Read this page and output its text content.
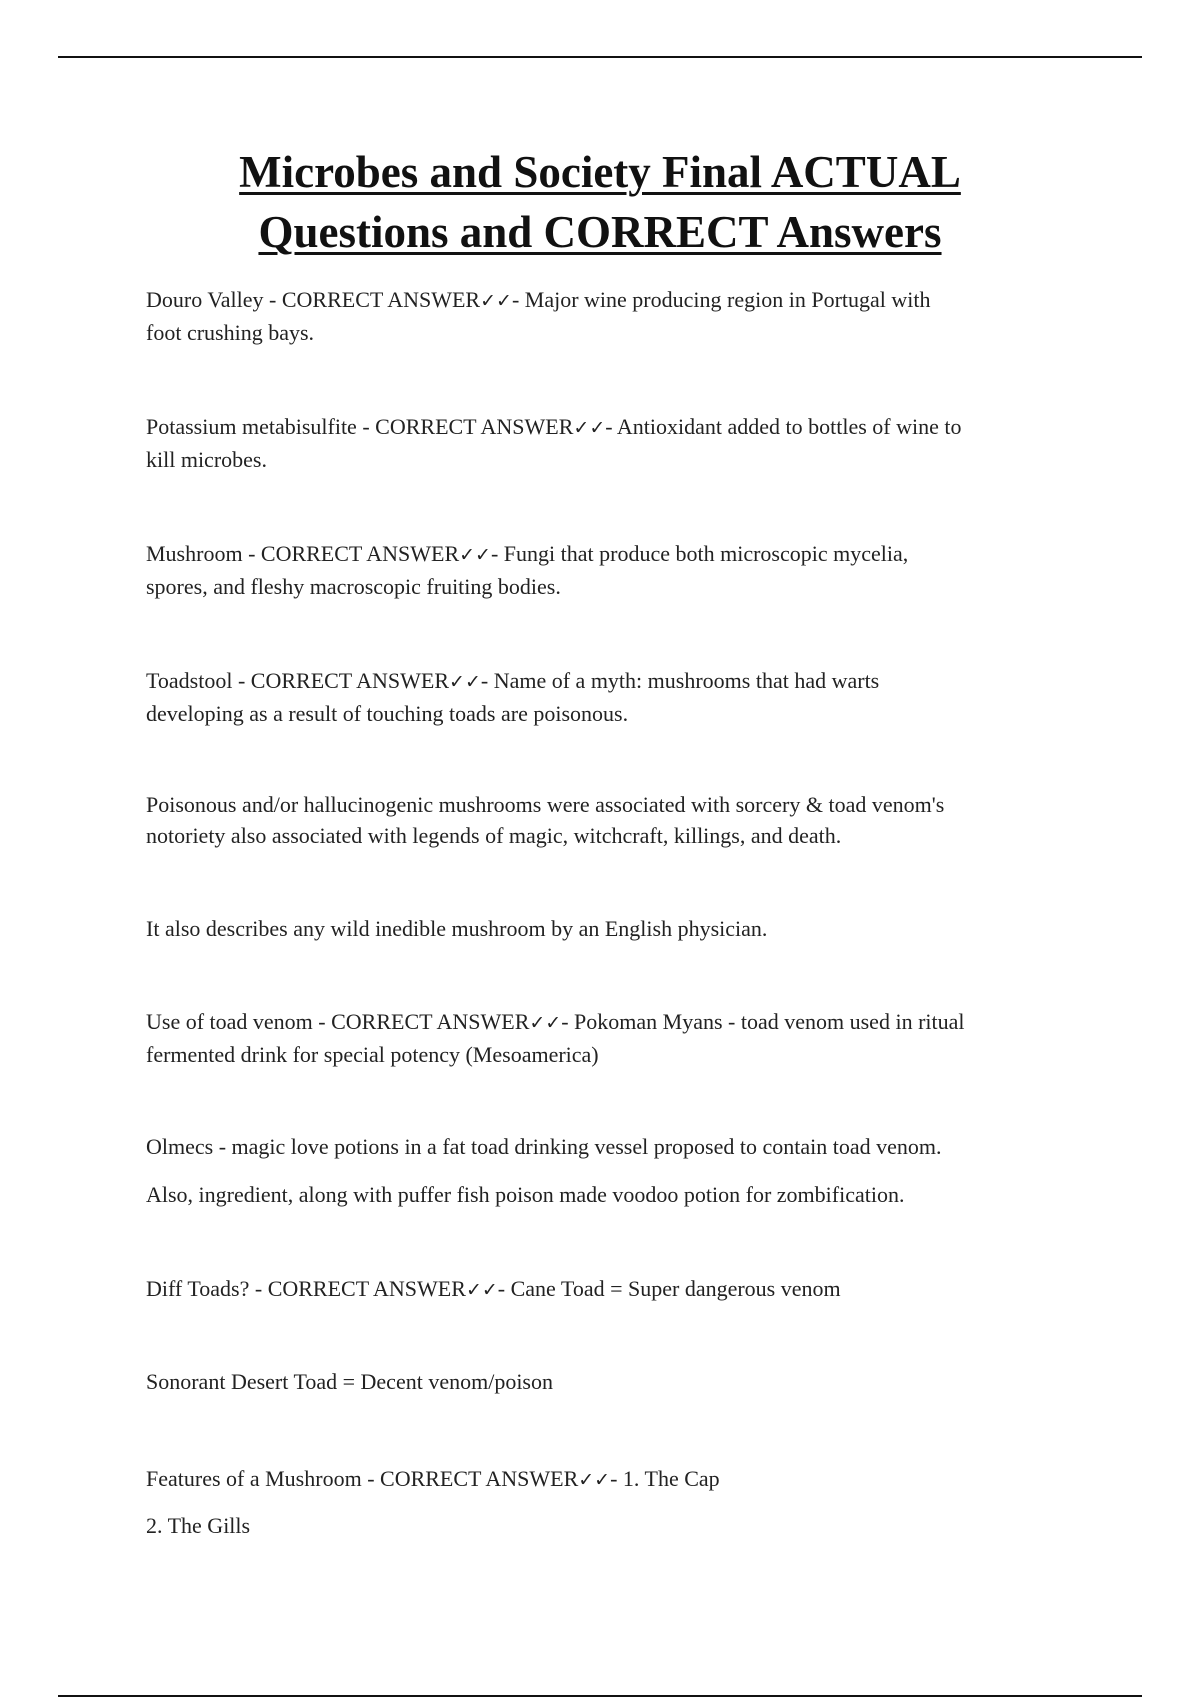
Microbes and Society Final ACTUAL
Questions and CORRECT Answers

Douro Valley - CORRECT ANSWER✓✓- Major wine producing region in Portugal with
foot crushing bays.

Potassium metabisulfite - CORRECT ANSWER✓✓- Antioxidant added to bottles of wine to
kill microbes.

Mushroom - CORRECT ANSWER✓✓- Fungi that produce both microscopic mycelia,
spores, and fleshy macroscopic fruiting bodies.

Toadstool - CORRECT ANSWER✓✓- Name of a myth: mushrooms that had warts
developing as a result of touching toads are poisonous.

Poisonous and/or hallucinogenic mushrooms were associated with sorcery & toad venom's
notoriety also associated with legends of magic, witchcraft, killings, and death.

It also describes any wild inedible mushroom by an English physician.

Use of toad venom - CORRECT ANSWER✓✓- Pokoman Myans - toad venom used in ritual
fermented drink for special potency (Mesoamerica)

Olmecs - magic love potions in a fat toad drinking vessel proposed to contain toad venom.

Also, ingredient, along with puffer fish poison made voodoo potion for zombification.

Diff Toads? - CORRECT ANSWER✓✓- Cane Toad = Super dangerous venom

Sonorant Desert Toad = Decent venom/poison

Features of a Mushroom - CORRECT ANSWER✓✓- 1. The Cap

2. The Gills
